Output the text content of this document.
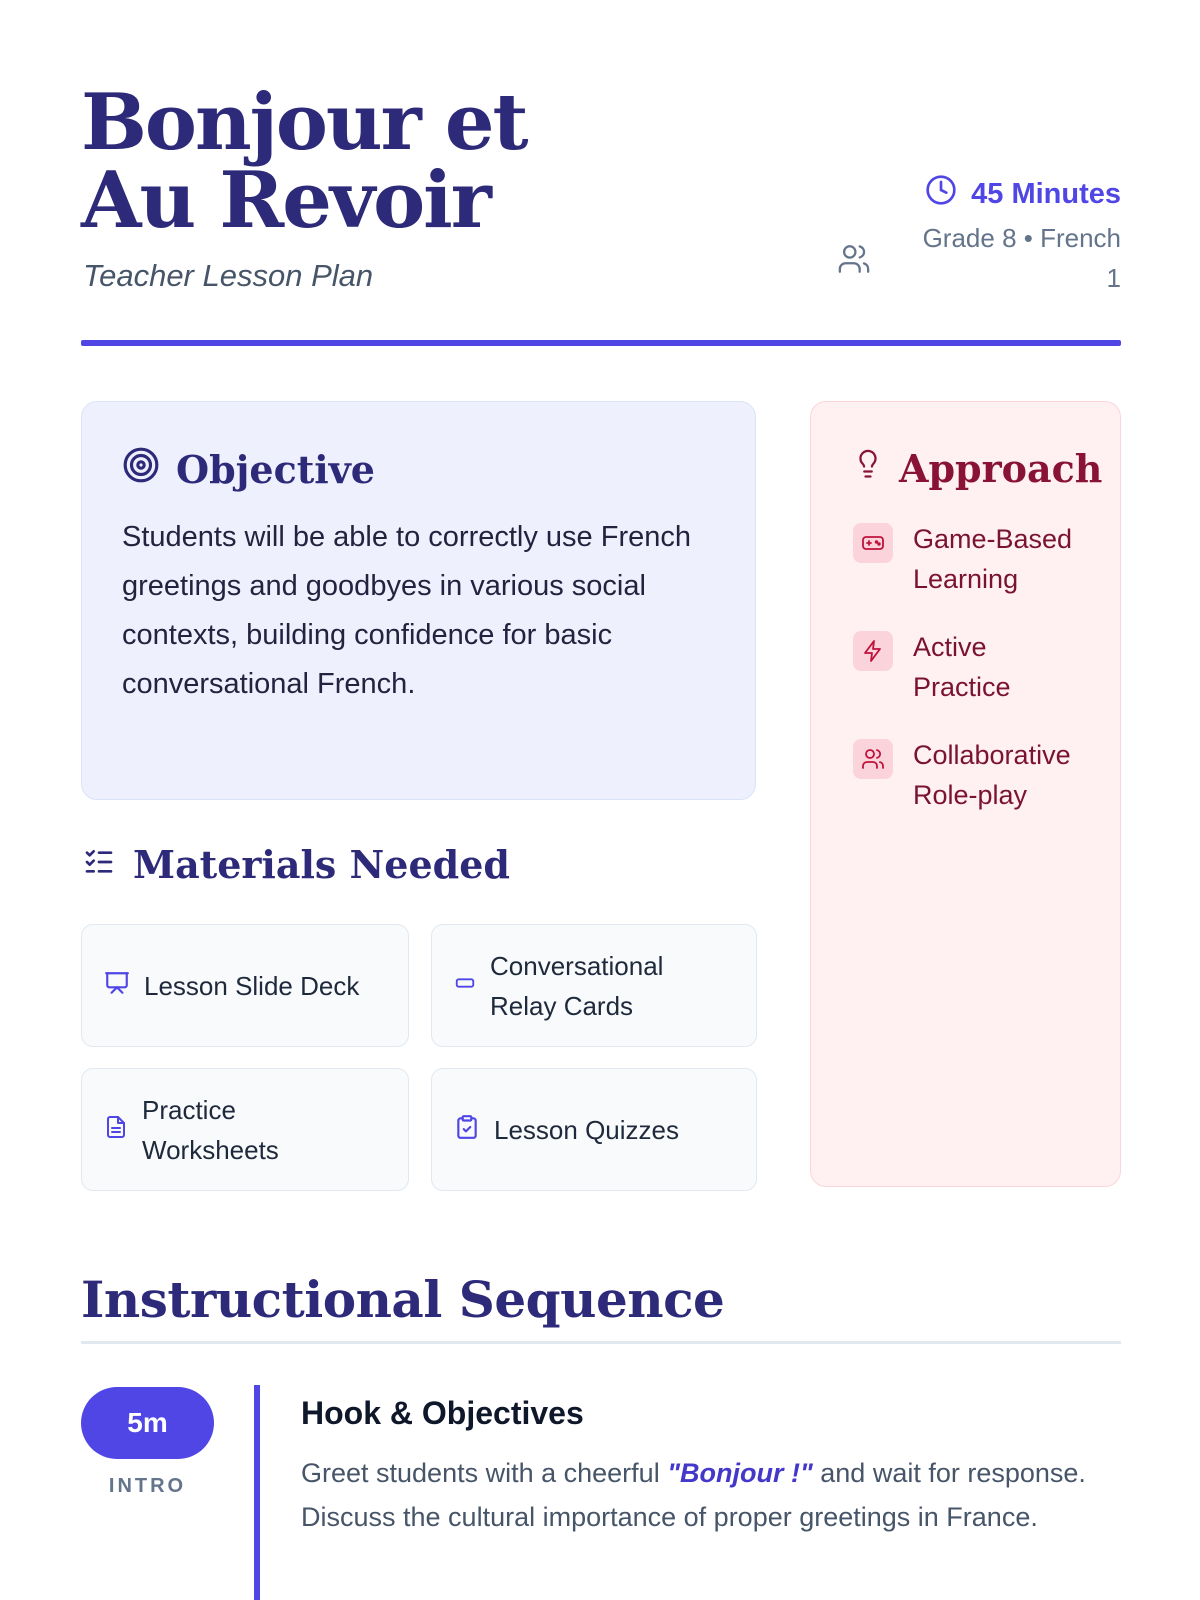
Bonjour et Au Revoir
Teacher Lesson Plan
45 Minutes
Grade 8 • French 1
Objective

Students will be able to correctly use French greetings and goodbyes in various social contexts, building confidence for basic conversational French.

Approach
Game-Based Learning
Active Practice
Collaborative Role-play
Materials Needed
Lesson Slide Deck
Conversational Relay Cards
Practice Worksheets
Lesson Quizzes
Instructional Sequence
5m
INTRO
Hook & Objectives

Greet students with a cheerful "Bonjour !" and wait for response. Discuss the cultural importance of proper greetings in France.
